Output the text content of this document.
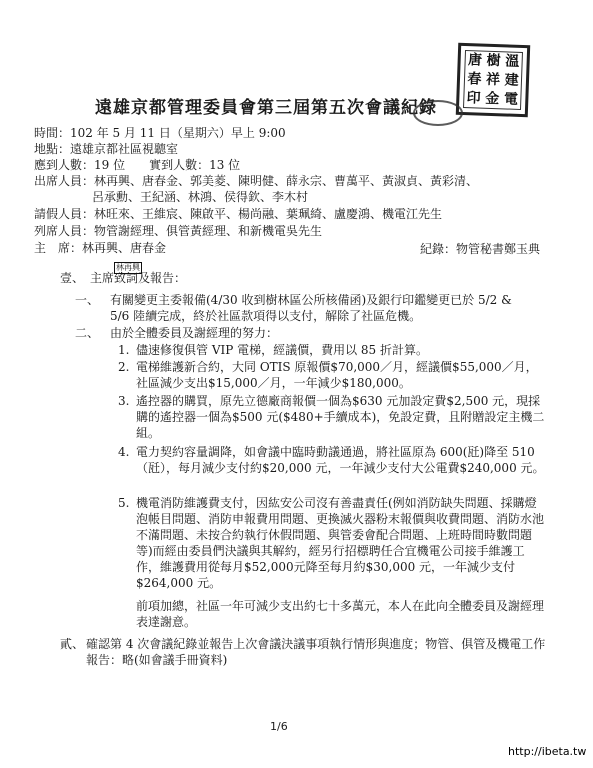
唐 樹 溫
春 祥 建
印 金 電
遠雄京都管理委員會第三屆第五次會議紀錄
時間：102 年 5 月 11 日（星期六）早上 9:00
地點：遠雄京都社區視聽室
應到人數：19 位　　實到人數：13 位
出席人員：林再興、唐春金、郭美菱、陳明健、薛永宗、曹萬平、黃淑貞、黃彩清、
呂承勳、王紀涵、林鴻、侯得欽、李木村
請假人員：林旺來、王維宸、陳啟平、楊尚融、葉珮綺、盧慶鴻、機電江先生
列席人員：物管謝經理、俱管黃經理、和新機電吳先生
主　席：林再興、唐春金	紀錄：物管秘書鄭玉典
壹、　主席致詞及報告：
林再興
一、 有關變更主委報備(4/30 收到樹林區公所核備函)及銀行印鑑變更已於 5/2 & 5/6 陸續完成，終於社區款項得以支付，解除了社區危機。
二、 由於全體委員及謝經理的努力：
1. 儘速修復俱管 VIP 電梯，經議價，費用以 85 折計算。
2. 電梯維護新合約，大同 OTIS 原報價$70,000／月，經議價$55,000／月，社區減少支出$15,000／月，一年減少$180,000。
3. 遙控器的購買，原先立德廠商報價一個為$630 元加設定費$2,500 元，現採購的遙控器一個為$500 元($480+手續成本)，免設定費，且附贈設定主機二組。
4. 電力契約容量調降，如會議中臨時動議通過，將社區原為 600(瓩)降至 510（瓩），每月減少支付約$20,000 元，一年減少支付大公電費$240,000 元。
5. 機電消防維護費支付，因紘安公司沒有善盡責任(例如消防缺失問題、採購燈泡帳目問題、消防申報費用問題、更換滅火器粉末報價與收費問題、消防水池不滿問題、未按合約執行休假問題、與管委會配合問題、上班時間時數問題等)而經由委員們決議與其解約，經另行招標聘任合宜機電公司接手維護工作，維護費用從每月$52,000元降至每月約$30,000 元，一年減少支付$264,000 元。
前項加總，社區一年可減少支出約七十多萬元，本人在此向全體委員及謝經理表達謝意。
貳、 確認第 4 次會議紀錄並報告上次會議決議事項執行情形與進度；物管、俱管及機電工作報告：略(如會議手冊資料)
1/6
http://ibeta.tw
